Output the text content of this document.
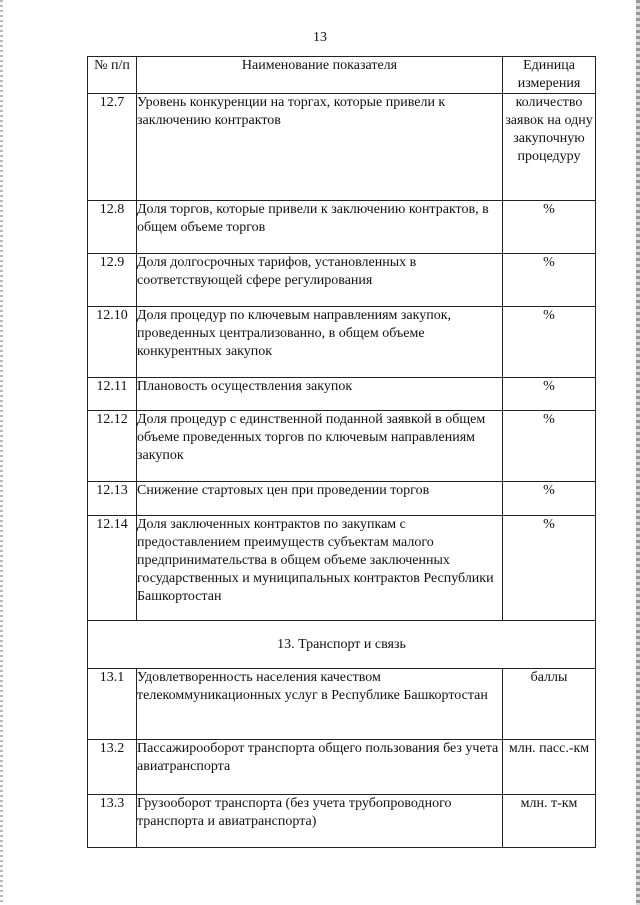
13
№ п/п	Наименование показателя	Единица измерения
12.7	Уровень конкуренции на торгах, которые привели к заключению контрактов	количество заявок на одну закупочную процедуру
12.8	Доля торгов, которые привели к заключению контрактов, в общем объеме торгов	%
12.9	Доля долгосрочных тарифов, установленных в соответствующей сфере регулирования	%
12.10	Доля процедур по ключевым направлениям закупок, проведенных централизованно, в общем объеме конкурентных закупок	%
12.11	Плановость осуществления закупок	%
12.12	Доля процедур с единственной поданной заявкой в общем объеме проведенных торгов по ключевым направлениям закупок	%
12.13	Снижение стартовых цен при проведении торгов	%
12.14	Доля заключенных контрактов по закупкам с предоставлением преимуществ субъектам малого предпринимательства в общем объеме заключенных государственных и муниципальных контрактов Республики Башкортостан	%
13. Транспорт и связь		
13.1	Удовлетворенность населения качеством телекоммуникационных услуг в Республике Башкортостан	баллы
13.2	Пассажирооборот транспорта общего пользования без учета авиатранспорта	млн. пасс.-км
13.3	Грузооборот транспорта (без учета трубопроводного транспорта и авиатранспорта)	млн. т-км
